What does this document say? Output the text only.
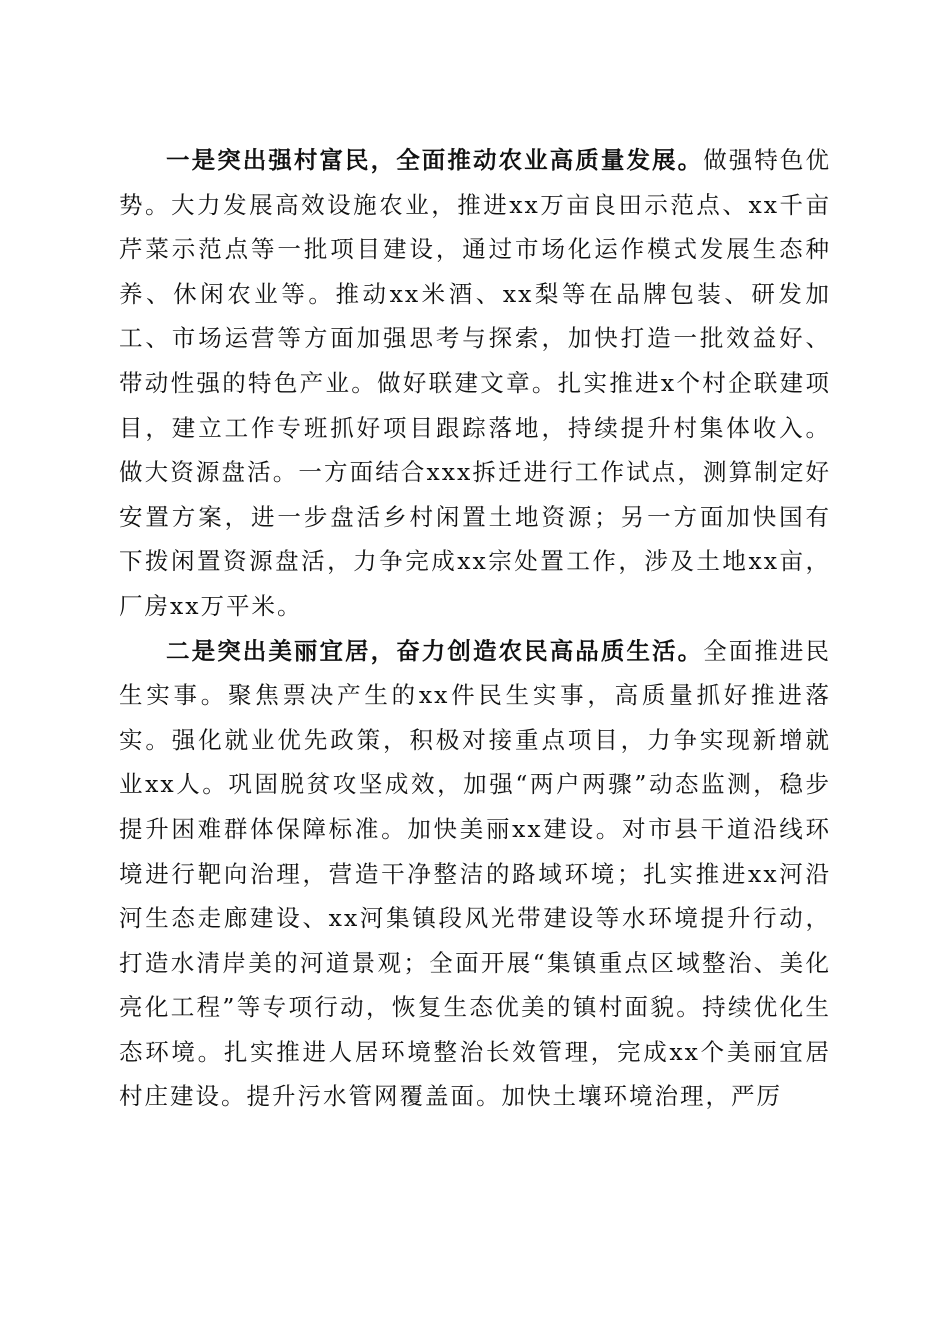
一是突出强村富民，全面推动农业高质量发展。做强特色优势。大力发展高效设施农业，推进xx万亩良田示范点、xx千亩芹菜示范点等一批项目建设，通过市场化运作模式发展生态种养、休闲农业等。推动xx米酒、xx梨等在品牌包装、研发加工、市场运营等方面加强思考与探索，加快打造一批效益好、带动性强的特色产业。做好联建文章。扎实推进x个村企联建项目，建立工作专班抓好项目跟踪落地，持续提升村集体收入。做大资源盘活。一方面结合xxx拆迁进行工作试点，测算制定好安置方案，进一步盘活乡村闲置土地资源；另一方面加快国有下拨闲置资源盘活，力争完成xx宗处置工作，涉及土地xx亩，厂房xx万平米。

二是突出美丽宜居，奋力创造农民高品质生活。全面推进民生实事。聚焦票决产生的xx件民生实事，高质量抓好推进落实。强化就业优先政策，积极对接重点项目，力争实现新增就业xx人。巩固脱贫攻坚成效，加强“两户两骤”动态监测，稳步提升困难群体保障标准。加快美丽xx建设。对市县干道沿线环境进行靶向治理，营造干净整洁的路域环境；扎实推进xx河沿河生态走廊建设、xx河集镇段风光带建设等水环境提升行动，打造水清岸美的河道景观；全面开展“集镇重点区域整治、美化亮化工程”等专项行动，恢复生态优美的镇村面貌。持续优化生态环境。扎实推进人居环境整治长效管理，完成xx个美丽宜居村庄建设。提升污水管网覆盖面。加快土壤环境治理，严厉
